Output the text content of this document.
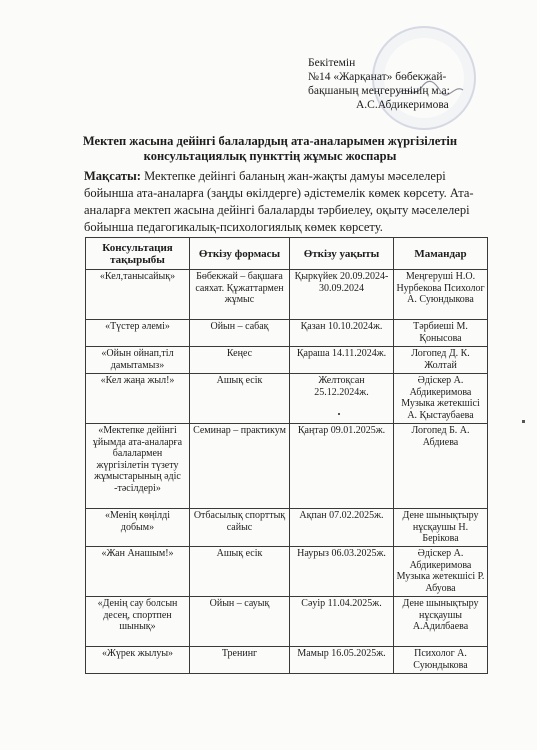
Бекітемін
№14 «Жарқанат» бөбекжай-
бақшаның меңгерушінің м.а:
А.С.Абдикеримова
Мектеп жасына дейінгі балалардың ата-аналарымен жүргізілетін
консультациялық пункттің жұмыс жоспары
Мақсаты: Мектепке дейінгі баланың жан-жақты дамуы мәселелері бойынша ата-аналарға (заңды өкілдерге) әдістемелік көмек көрсету. Ата-аналарға мектеп жасына дейінгі балаларды тәрбиелеу, оқыту мәселелері бойынша педагогикалық-психологиялық көмек көрсету.
Консультация тақырыбы	Өткізу формасы	Өткізу уақыты	Мамандар
«Кел,танысайық»	Бөбекжай – бақшаға саяхат. Құжаттармен жұмыс	Қыркүйек 20.09.2024-30.09.2024	Меңгеруші Н.О. Нурбекова Психолог А. Суюндыкова
«Түстер әлемі»	Ойын – сабақ	Қазан 10.10.2024ж.	Тәрбиеші М. Қонысова
«Ойын ойнап,тіл дамытамыз»	Кеңес	Қараша 14.11.2024ж.	Логопед Д. К. Жолтай
«Кел жаңа жыл!»	Ашық есік	Желтоқсан 25.12.2024ж.	Әдіскер А. Абдикеримова Музыка жетекшісі А. Қыстаубаева
«Мектепке дейінгі ұйымда ата-аналарға балалармен жүргізілетін түзету жұмыстарының әдіс -тәсілдері»	Семинар – практикум	Қаңтар 09.01.2025ж.	Логопед Б. А. Абдиева
«Менің көңілді добым»	Отбасылық спорттық сайыс	Ақпан 07.02.2025ж.	Дене шынықтыру нұсқаушы Н. Берікова
«Жан Анашым!»	Ашық есік	Наурыз 06.03.2025ж.	Әдіскер А. Абдикеримова Музыка жетекшісі Р. Абуова
«Денің сау болсын десең, спортпен шынық»	Ойын – сауық	Сәуір 11.04.2025ж.	Дене шынықтыру нұсқаушы А.Адилбаева
«Жүрек жылуы»	Тренинг	Мамыр 16.05.2025ж.	Психолог А. Суюндыкова
